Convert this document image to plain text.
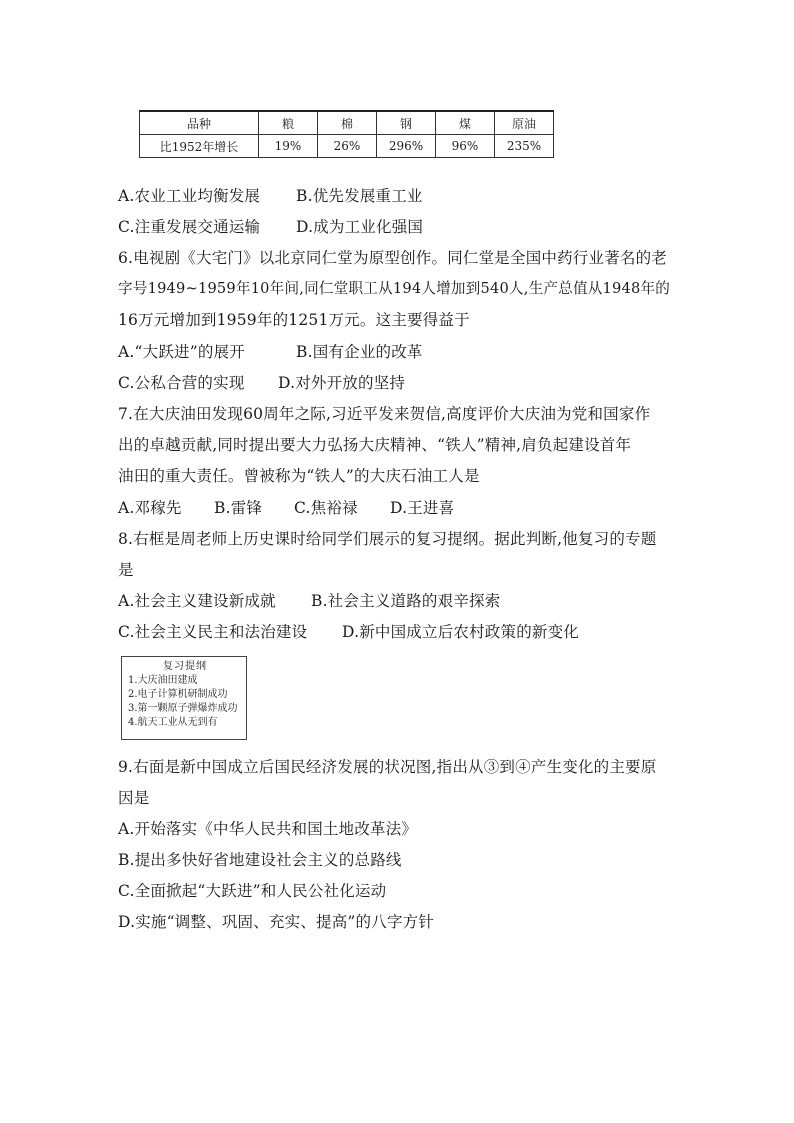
品种	粮	棉	钢	煤	原油
比1952年增长	19%	26%	296%	96%	235%
A.农业工业均衡发展 B.优先发展重工业
C.注重发展交通运输 D.成为工业化强国
6.电视剧《大宅门》以北京同仁堂为原型创作。同仁堂是全国中药行业著名的老
字号1949~1959年10年间,同仁堂职工从194人增加到540人,生产总值从1948年的
16万元增加到1959年的1251万元。这主要得益于
A.“大跃进”的展开	B.国有企业的改革
C.公私合营的实现 D.对外开放的坚持
7.在大庆油田发现60周年之际,习近平发来贺信,高度评价大庆油为党和国家作
出的卓越贡献,同时提出要大力弘扬大庆精神、“铁人”精神,肩负起建设首年
油田的重大责任。曾被称为“铁人”的大庆石油工人是
A.邓稼先 B.雷锋 C.焦裕禄 D.王进喜
8.右框是周老师上历史课时给同学们展示的复习提纲。据此判断,他复习的专题
是
A.社会主义建设新成就 B.社会主义道路的艰辛探索
C.社会主义民主和法治建设 D.新中国成立后农村政策的新变化
复习提纲
1.大庆油田建成
2.电子计算机研制成功
3.第一颗原子弹爆炸成功
4.航天工业从无到有
9.右面是新中国成立后国民经济发展的状况图,指出从③到④产生变化的主要原
因是
A.开始落实《中华人民共和国土地改革法》
B.提出多快好省地建设社会主义的总路线
C.全面掀起“大跃进”和人民公社化运动
D.实施“调整、巩固、充实、提高”的八字方针
